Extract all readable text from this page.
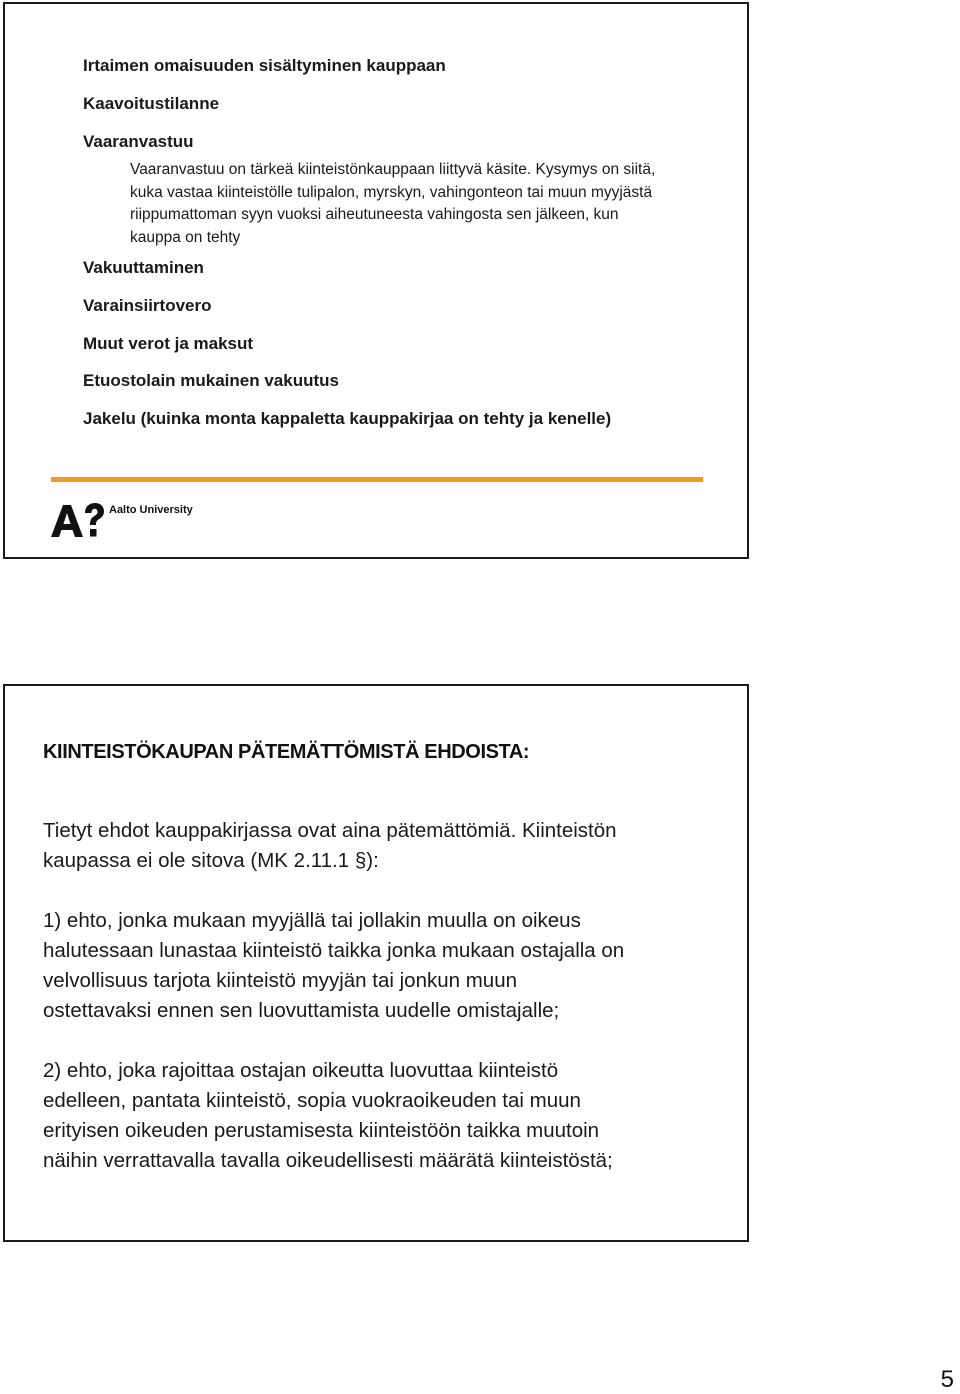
Irtaimen omaisuuden sisältyminen kauppaan
Kaavoitustilanne
Vaaranvastuu
Vaaranvastuu on tärkeä kiinteistönkauppaan liittyvä käsite. Kysymys on siitä,
kuka vastaa kiinteistölle tulipalon, myrskyn, vahingonteon tai muun myyjästä
riippumattoman syyn vuoksi aiheutuneesta vahingosta sen jälkeen, kun
kauppa on tehty
Vakuuttaminen
Varainsiirtovero
Muut verot ja maksut
Etuostolain mukainen vakuutus
Jakelu (kuinka monta kappaletta kauppakirjaa on tehty ja kenelle)
Aalto University
KIINTEISTÖKAUPAN PÄTEMÄTTÖMISTÄ EHDOISTA:
Tietyt ehdot kauppakirjassa ovat aina pätemättömiä. Kiinteistön
kaupassa ei ole sitova (MK 2.11.1 §):
1) ehto, jonka mukaan myyjällä tai jollakin muulla on oikeus
halutessaan lunastaa kiinteistö taikka jonka mukaan ostajalla on
velvollisuus tarjota kiinteistö myyjän tai jonkun muun
ostettavaksi ennen sen luovuttamista uudelle omistajalle;
2) ehto, joka rajoittaa ostajan oikeutta luovuttaa kiinteistö
edelleen, pantata kiinteistö, sopia vuokraoikeuden tai muun
erityisen oikeuden perustamisesta kiinteistöön taikka muutoin
näihin verrattavalla tavalla oikeudellisesti määrätä kiinteistöstä;
5
